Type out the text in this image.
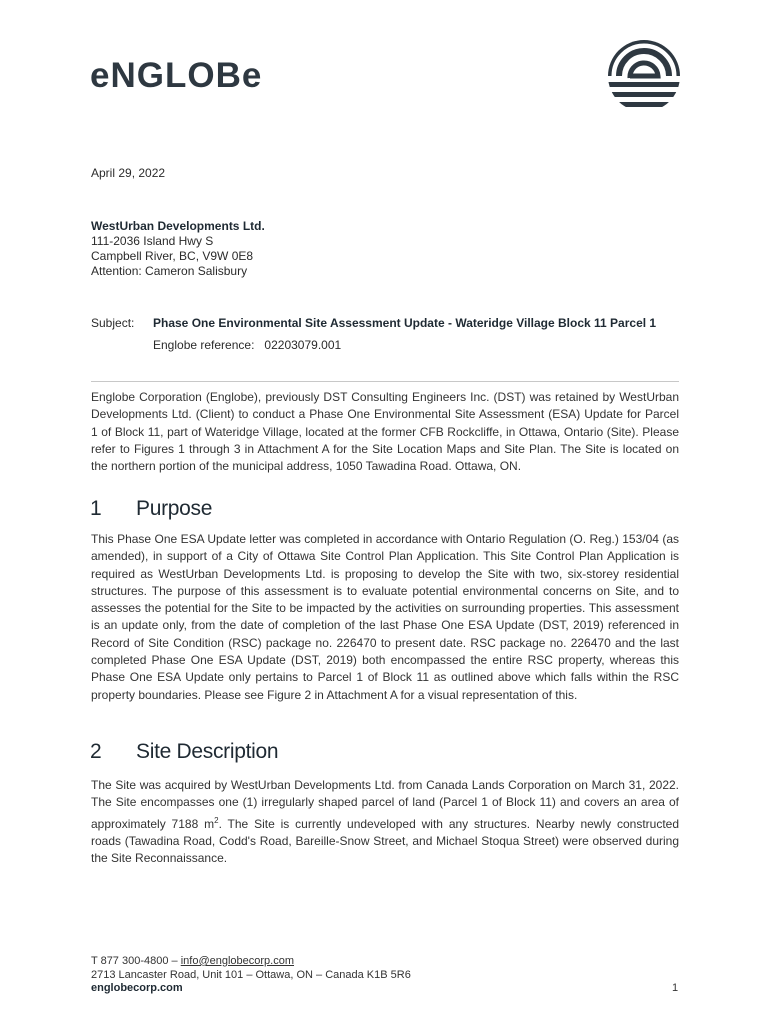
eNGLOBe
April 29, 2022
WestUrban Developments Ltd.
111-2036 Island Hwy S
Campbell River, BC, V9W 0E8
Attention: Cameron Salisbury
Subject: Phase One Environmental Site Assessment Update - Wateridge Village Block 11 Parcel 1
Englobe reference: 02203079.001
Englobe Corporation (Englobe), previously DST Consulting Engineers Inc. (DST) was retained by WestUrban Developments Ltd. (Client) to conduct a Phase One Environmental Site Assessment (ESA) Update for Parcel 1 of Block 11, part of Wateridge Village, located at the former CFB Rockcliffe, in Ottawa, Ontario (Site). Please refer to Figures 1 through 3 in Attachment A for the Site Location Maps and Site Plan. The Site is located on the northern portion of the municipal address, 1050 Tawadina Road. Ottawa, ON.
1 Purpose
This Phase One ESA Update letter was completed in accordance with Ontario Regulation (O. Reg.) 153/04 (as amended), in support of a City of Ottawa Site Control Plan Application. This Site Control Plan Application is required as WestUrban Developments Ltd. is proposing to develop the Site with two, six-storey residential structures. The purpose of this assessment is to evaluate potential environmental concerns on Site, and to assesses the potential for the Site to be impacted by the activities on surrounding properties. This assessment is an update only, from the date of completion of the last Phase One ESA Update (DST, 2019) referenced in Record of Site Condition (RSC) package no. 226470 to present date. RSC package no. 226470 and the last completed Phase One ESA Update (DST, 2019) both encompassed the entire RSC property, whereas this Phase One ESA Update only pertains to Parcel 1 of Block 11 as outlined above which falls within the RSC property boundaries. Please see Figure 2 in Attachment A for a visual representation of this.
2 Site Description
The Site was acquired by WestUrban Developments Ltd. from Canada Lands Corporation on March 31, 2022. The Site encompasses one (1) irregularly shaped parcel of land (Parcel 1 of Block 11) and covers an area of approximately 7188 $m^2$. The Site is currently undeveloped with any structures. Nearby newly constructed roads (Tawadina Road, Codd's Road, Bareille-Snow Street, and Michael Stoqua Street) were observed during the Site Reconnaissance.
T 877 300-4800 – info@englobecorp.com
2713 Lancaster Road, Unit 101 – Ottawa, ON – Canada K1B 5R6
englobecorp.com	1
